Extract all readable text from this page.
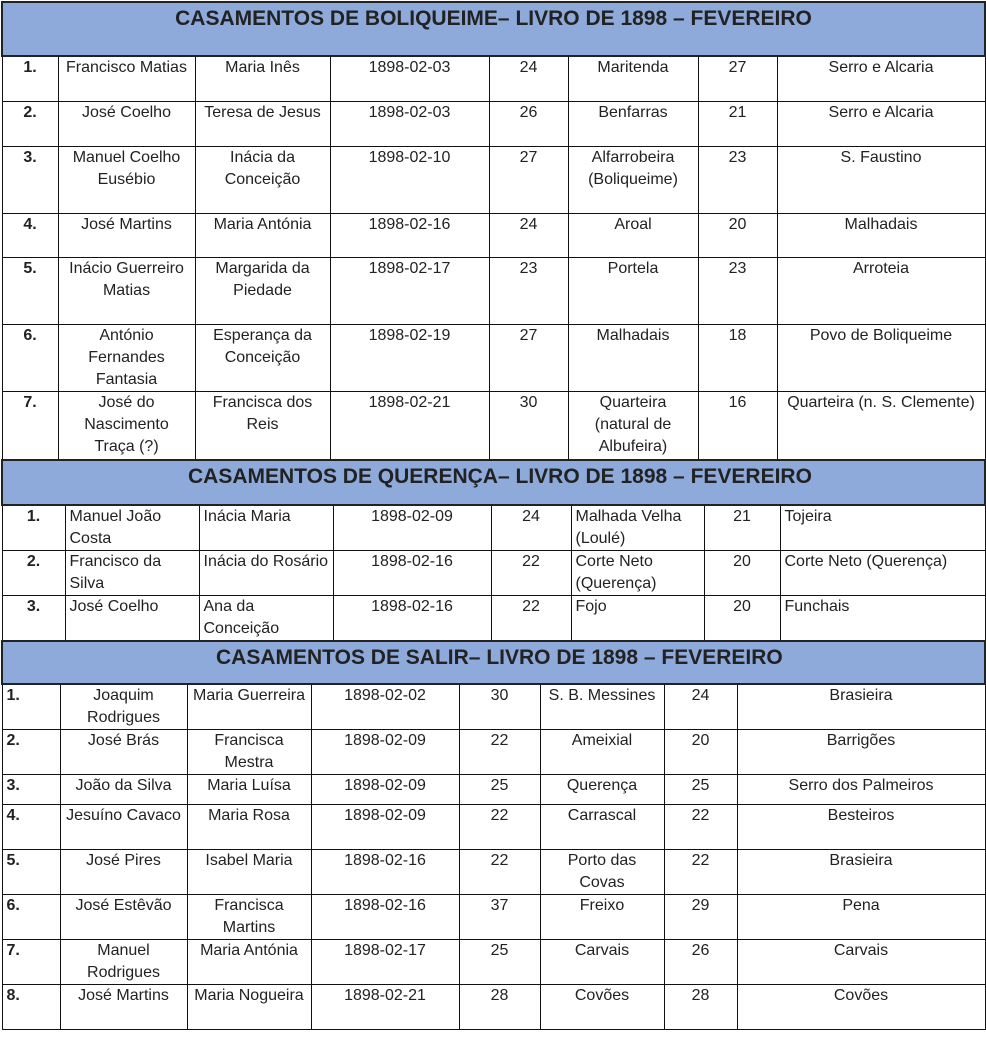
CASAMENTOS DE BOLIQUEIME– LIVRO DE 1898 – FEVEREIRO							
1.	Francisco Matias	Maria Inês	1898-02-03	24	Maritenda	27	Serro e Alcaria
2.	José Coelho	Teresa de Jesus	1898-02-03	26	Benfarras	21	Serro e Alcaria
3.	Manuel Coelho Eusébio	Inácia da Conceição	1898-02-10	27	Alfarrobeira (Boliqueime)	23	S. Faustino
4.	José Martins	Maria Antónia	1898-02-16	24	Aroal	20	Malhadais
5.	Inácio Guerreiro Matias	Margarida da Piedade	1898-02-17	23	Portela	23	Arroteia
6.	António Fernandes Fantasia	Esperança da Conceição	1898-02-19	27	Malhadais	18	Povo de Boliqueime
7.	José do Nascimento Traça (?)	Francisca dos Reis	1898-02-21	30	Quarteira (natural de Albufeira)	16	Quarteira (n. S. Clemente)
CASAMENTOS DE QUERENÇA– LIVRO DE 1898 – FEVEREIRO							
1.	Manuel João Costa	Inácia Maria	1898-02-09	24	Malhada Velha (Loulé)	21	Tojeira
2.	Francisco da Silva	Inácia do Rosário	1898-02-16	22	Corte Neto (Querença)	20	Corte Neto (Querença)
3.	José Coelho	Ana da Conceição	1898-02-16	22	Fojo	20	Funchais
CASAMENTOS DE SALIR– LIVRO DE 1898 – FEVEREIRO							
1.	Joaquim Rodrigues	Maria Guerreira	1898-02-02	30	S. B. Messines	24	Brasieira
2.	José Brás	Francisca Mestra	1898-02-09	22	Ameixial	20	Barrigões
3.	João da Silva	Maria Luísa	1898-02-09	25	Querença	25	Serro dos Palmeiros
4.	Jesuíno Cavaco	Maria Rosa	1898-02-09	22	Carrascal	22	Besteiros
5.	José Pires	Isabel Maria	1898-02-16	22	Porto das Covas	22	Brasieira
6.	José Estêvão	Francisca Martins	1898-02-16	37	Freixo	29	Pena
7.	Manuel Rodrigues	Maria Antónia	1898-02-17	25	Carvais	26	Carvais
8.	José Martins	Maria Nogueira	1898-02-21	28	Covões	28	Covões
